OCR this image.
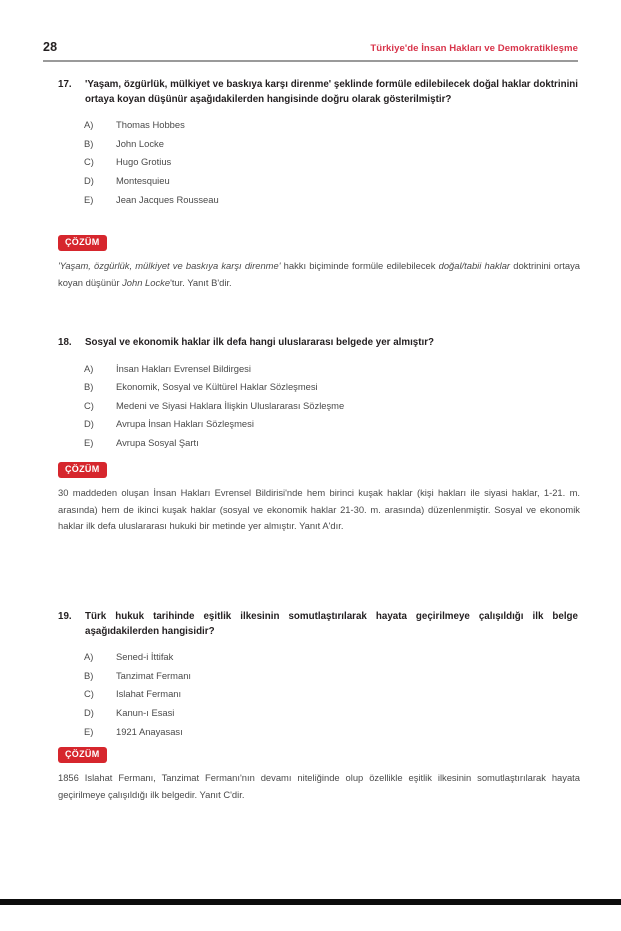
28	Türkiye'de İnsan Hakları ve Demokratikleşme
17.	'Yaşam, özgürlük, mülkiyet ve baskıya karşı direnme' şeklinde formüle edilebilecek doğal haklar doktrinini ortaya koyan düşünür aşağıdakilerden hangisinde doğru olarak gösterilmiştir?
A)	Thomas Hobbes
B)	John Locke
C)	Hugo Grotius
D)	Montesquieu
E)	Jean Jacques Rousseau
ÇÖZÜM
'Yaşam, özgürlük, mülkiyet ve baskıya karşı direnme' hakkı biçiminde formüle edilebilecek doğal/tabii haklar doktrinini ortaya koyan düşünür John Locke'tur. Yanıt B'dir.
18.	Sosyal ve ekonomik haklar ilk defa hangi uluslararası belgede yer almıştır?
A)	İnsan Hakları Evrensel Bildirgesi
B)	Ekonomik, Sosyal ve Kültürel Haklar Sözleşmesi
C)	Medeni ve Siyasi Haklara İlişkin Uluslararası Sözleşme
D)	Avrupa İnsan Hakları Sözleşmesi
E)	Avrupa Sosyal Şartı
ÇÖZÜM
30 maddeden oluşan İnsan Hakları Evrensel Bildirisi'nde hem birinci kuşak haklar (kişi hakları ile siyasi haklar, 1-21. m. arasında) hem de ikinci kuşak haklar (sosyal ve ekonomik haklar 21-30. m. arasında) düzenlenmiştir. Sosyal ve ekonomik haklar ilk defa uluslararası hukuki bir metinde yer almıştır. Yanıt A'dır.
19.	Türk hukuk tarihinde eşitlik ilkesinin somutlaştırılarak hayata geçirilmeye çalışıldığı ilk belge aşağıdakilerden hangisidir?
A)	Sened-i İttifak
B)	Tanzimat Fermanı
C)	Islahat Fermanı
D)	Kanun-ı Esasi
E)	1921 Anayasası
ÇÖZÜM
1856 Islahat Fermanı, Tanzimat Fermanı'nın devamı niteliğinde olup özellikle eşitlik ilkesinin somutlaştırılarak hayata geçirilmeye çalışıldığı ilk belgedir. Yanıt C'dir.
